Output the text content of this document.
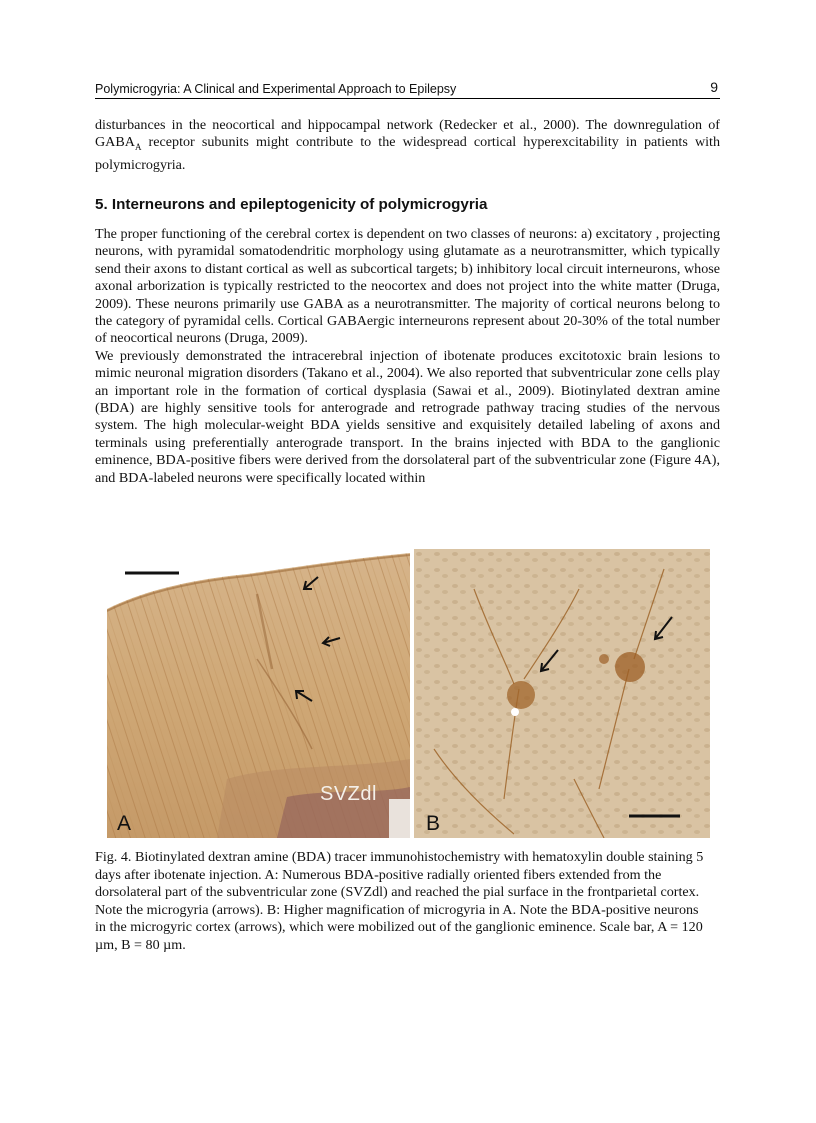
Polymicrogyria: A Clinical and Experimental Approach to Epilepsy	9
disturbances in the neocortical and hippocampal network (Redecker et al., 2000). The downregulation of $GABA_A$ receptor subunits might contribute to the widespread cortical hyperexcitability in patients with polymicrogyria.
5. Interneurons and epileptogenicity of polymicrogyria

The proper functioning of the cerebral cortex is dependent on two classes of neurons: a) excitatory , projecting neurons, with pyramidal somatodendritic morphology using glutamate as a neurotransmitter, which typically send their axons to distant cortical as well as subcortical targets; b) inhibitory local circuit interneurons, whose axonal arborization is typically restricted to the neocortex and does not project into the white matter (Druga, 2009). These neurons primarily use GABA as a neurotransmitter. The majority of cortical neurons belong to the category of pyramidal cells. Cortical GABAergic interneurons represent about 20-30% of the total number of neocortical neurons (Druga, 2009).

We previously demonstrated the intracerebral injection of ibotenate produces excitotoxic brain lesions to mimic neuronal migration disorders (Takano et al., 2004). We also reported that subventricular zone cells play an important role in the formation of cortical dysplasia (Sawai et al., 2009). Biotinylated dextran amine (BDA) are highly sensitive tools for anterograde and retrograde pathway tracing studies of the nervous system. The high molecular-weight BDA yields sensitive and exquisitely detailed labeling of axons and terminals using preferentially anterograde transport. In the brains injected with BDA to the ganglionic eminence, BDA-positive fibers were derived from the dorsolateral part of the subventricular zone (Figure 4A), and BDA-labeled neurons were specifically located within

SVZdl
A	B

Fig. 4. Biotinylated dextran amine (BDA) tracer immunohistochemistry with hematoxylin double staining 5 days after ibotenate injection. A: Numerous BDA-positive radially oriented fibers extended from the dorsolateral part of the subventricular zone (SVZdl) and reached the pial surface in the frontparietal cortex. Note the microgyria (arrows). B: Higher magnification of microgyria in A. Note the BDA-positive neurons in the microgyric cortex (arrows), which were mobilized out of the ganglionic eminence. Scale bar, A = 120 µm, B = 80 µm.
